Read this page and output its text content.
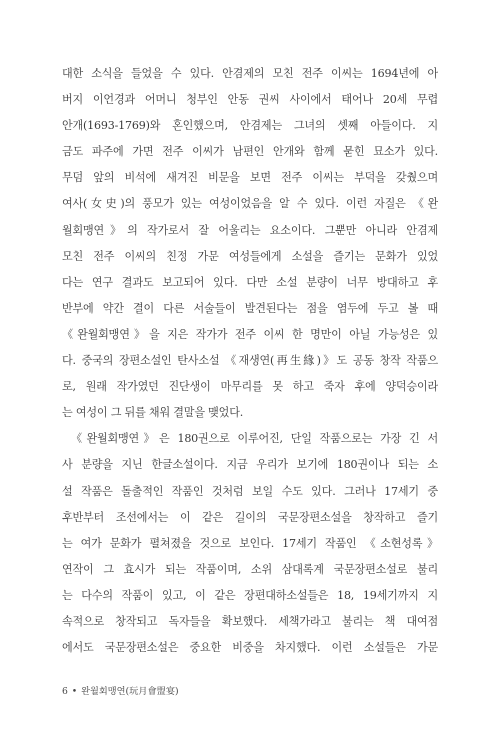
대한 소식을 들었을 수 있다. 안겸제의 모친 전주 이씨는 1694년에 아
버지 이언경과 어머니 청부인 안동 권씨 사이에서 태어나 20세 무렵
안개(1693-1769)와 혼인했으며, 안겸제는 그녀의 셋째 아들이다. 지
금도 파주에 가면 전주 이씨가 남편인 안개와 함께 묻힌 묘소가 있다.
무덤 앞의 비석에 새겨진 비문을 보면 전주 이씨는 부덕을 갖췄으며
여사(女史)의 풍모가 있는 여성이었음을 알 수 있다. 이런 자질은 《완
월회맹연》의 작가로서 잘 어울리는 요소이다. 그뿐만 아니라 안겸제
모친 전주 이씨의 친정 가문 여성들에게 소설을 즐기는 문화가 있었
다는 연구 결과도 보고되어 있다. 다만 소설 분량이 너무 방대하고 후
반부에 약간 결이 다른 서술들이 발견된다는 점을 염두에 두고 볼 때
《완월회맹연》을 지은 작가가 전주 이씨 한 명만이 아닐 가능성은 있
다. 중국의 장편소설인 탄사소설 《재생연(再生緣)》도 공동 창작 작품으
로, 원래 작가였던 진단생이 마무리를 못 하고 죽자 후에 양덕승이라
는 여성이 그 뒤를 채워 결말을 맺었다.
《완월회맹연》은 180권으로 이루어진, 단일 작품으로는 가장 긴 서
사 분량을 지닌 한글소설이다. 지금 우리가 보기에 180권이나 되는 소
설 작품은 돌출적인 작품인 것처럼 보일 수도 있다. 그러나 17세기 중
후반부터 조선에서는 이 같은 길이의 국문장편소설을 창작하고 즐기
는 여가 문화가 펼쳐졌을 것으로 보인다. 17세기 작품인 《소현성록》
연작이 그 효시가 되는 작품이며, 소위 삼대록계 국문장편소설로 불리
는 다수의 작품이 있고, 이 같은 장편대하소설들은 18, 19세기까지 지
속적으로 창작되고 독자들을 확보했다. 세책가라고 불리는 책 대여점
에서도 국문장편소설은 중요한 비중을 차지했다. 이런 소설들은 가문
6 • 완월회맹연(玩月會盟宴)
